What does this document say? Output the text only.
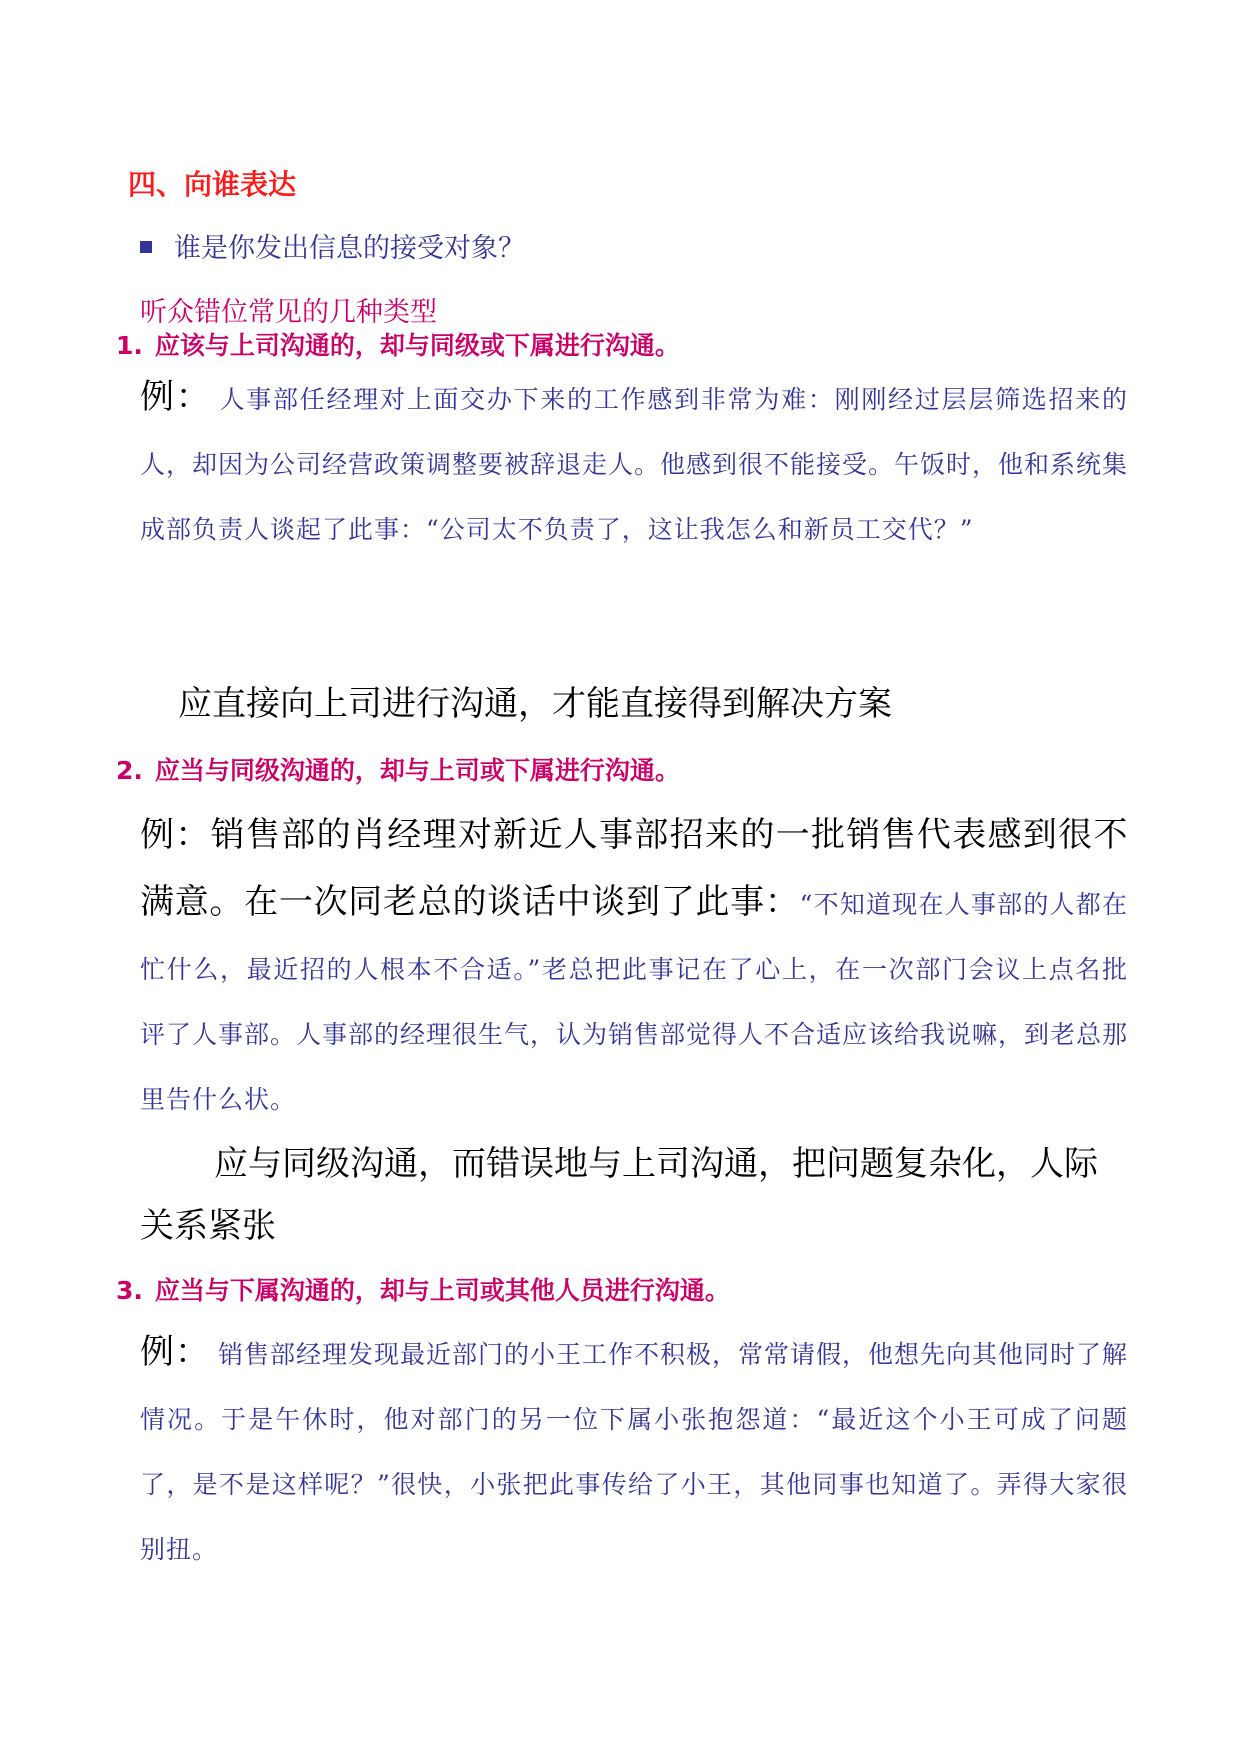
四、向谁表达
谁是你发出信息的接受对象？
听众错位常见的几种类型
1. 应该与上司沟通的，却与同级或下属进行沟通。

例： 人事部任经理对上面交办下来的工作感到非常为难：刚刚经过层层筛选招来的人，却因为公司经营政策调整要被辞退走人。他感到很不能接受。午饭时，他和系统集成部负责人谈起了此事：“公司太不负责了，这让我怎么和新员工交代？”

应直接向上司进行沟通，才能直接得到解决方案
2. 应当与同级沟通的，却与上司或下属进行沟通。

例：销售部的肖经理对新近人事部招来的一批销售代表感到很不满意。在一次同老总的谈话中谈到了此事：“不知道现在人事部的人都在忙什么，最近招的人根本不合适。”老总把此事记在了心上，在一次部门会议上点名批评了人事部。人事部的经理很生气，认为销售部觉得人不合适应该给我说嘛，到老总那里告什么状。

应与同级沟通，而错误地与上司沟通，把问题复杂化，人际关系紧张
3. 应当与下属沟通的，却与上司或其他人员进行沟通。

例： 销售部经理发现最近部门的小王工作不积极，常常请假，他想先向其他同时了解情况。于是午休时，他对部门的另一位下属小张抱怨道：“最近这个小王可成了问题了，是不是这样呢？”很快，小张把此事传给了小王，其他同事也知道了。弄得大家很别扭。
